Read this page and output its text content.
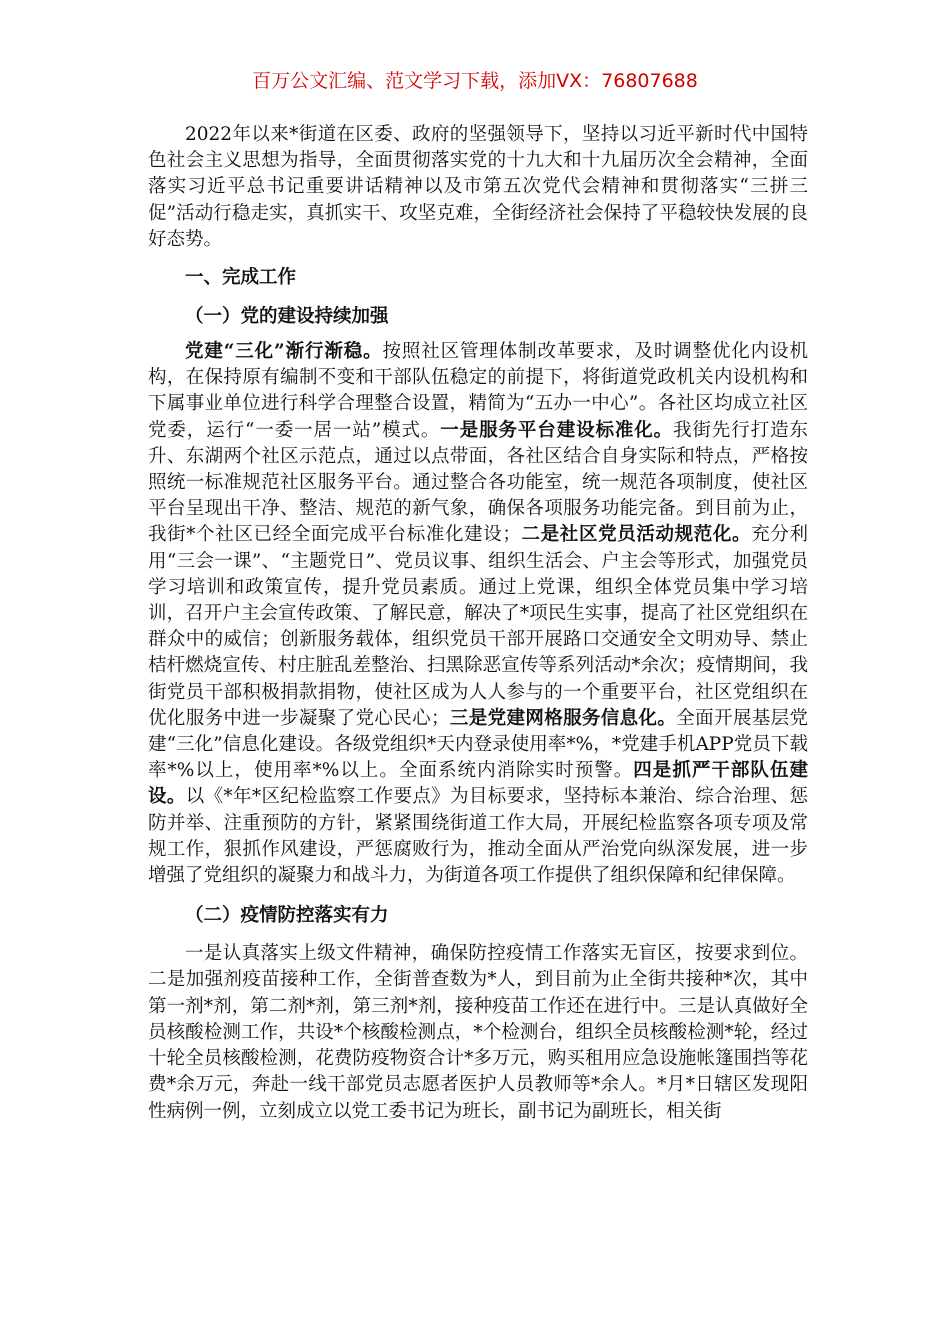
百万公文汇编、范文学习下载，添加VX：76807688

2022年以来*街道在区委、政府的坚强领导下，坚持以习近平新时代中国特色社会主义思想为指导，全面贯彻落实党的十九大和十九届历次全会精神，全面落实习近平总书记重要讲话精神以及市第五次党代会精神和贯彻落实“三拼三促”活动行稳走实，真抓实干、攻坚克难，全街经济社会保持了平稳较快发展的良好态势。

一、完成工作
（一）党的建设持续加强

党建“三化”渐行渐稳。按照社区管理体制改革要求，及时调整优化内设机构，在保持原有编制不变和干部队伍稳定的前提下，将街道党政机关内设机构和下属事业单位进行科学合理整合设置，精简为“五办一中心”。各社区均成立社区党委，运行“一委一居一站”模式。一是服务平台建设标准化。我街先行打造东升、东湖两个社区示范点，通过以点带面，各社区结合自身实际和特点，严格按照统一标准规范社区服务平台。通过整合各功能室，统一规范各项制度，使社区平台呈现出干净、整洁、规范的新气象，确保各项服务功能完备。到目前为止，我街*个社区已经全面完成平台标准化建设；二是社区党员活动规范化。充分利用“三会一课”、“主题党日”、党员议事、组织生活会、户主会等形式，加强党员学习培训和政策宣传，提升党员素质。通过上党课，组织全体党员集中学习培训，召开户主会宣传政策、了解民意，解决了*项民生实事，提高了社区党组织在群众中的威信；创新服务载体，组织党员干部开展路口交通安全文明劝导、禁止桔杆燃烧宣传、村庄脏乱差整治、扫黑除恶宣传等系列活动*余次；疫情期间，我街党员干部积极捐款捐物，使社区成为人人参与的一个重要平台，社区党组织在优化服务中进一步凝聚了党心民心；三是党建网格服务信息化。全面开展基层党建“三化”信息化建设。各级党组织*天内登录使用率*%，*党建手机APP党员下载率*%以上，使用率*%以上。全面系统内消除实时预警。四是抓严干部队伍建设。以《*年*区纪检监察工作要点》为目标要求，坚持标本兼治、综合治理、惩防并举、注重预防的方针，紧紧围绕街道工作大局，开展纪检监察各项专项及常规工作，狠抓作风建设，严惩腐败行为，推动全面从严治党向纵深发展，进一步增强了党组织的凝聚力和战斗力，为街道各项工作提供了组织保障和纪律保障。

（二）疫情防控落实有力

一是认真落实上级文件精神，确保防控疫情工作落实无盲区，按要求到位。二是加强剂疫苗接种工作，全街普查数为*人，到目前为止全街共接种*次，其中第一剂*剂，第二剂*剂，第三剂*剂，接种疫苗工作还在进行中。三是认真做好全员核酸检测工作，共设*个核酸检测点，*个检测台，组织全员核酸检测*轮，经过十轮全员核酸检测，花费防疫物资合计*多万元，购买租用应急设施帐篷围挡等花费*余万元，奔赴一线干部党员志愿者医护人员教师等*余人。*月*日辖区发现阳性病例一例，立刻成立以党工委书记为班长，副书记为副班长，相关街
